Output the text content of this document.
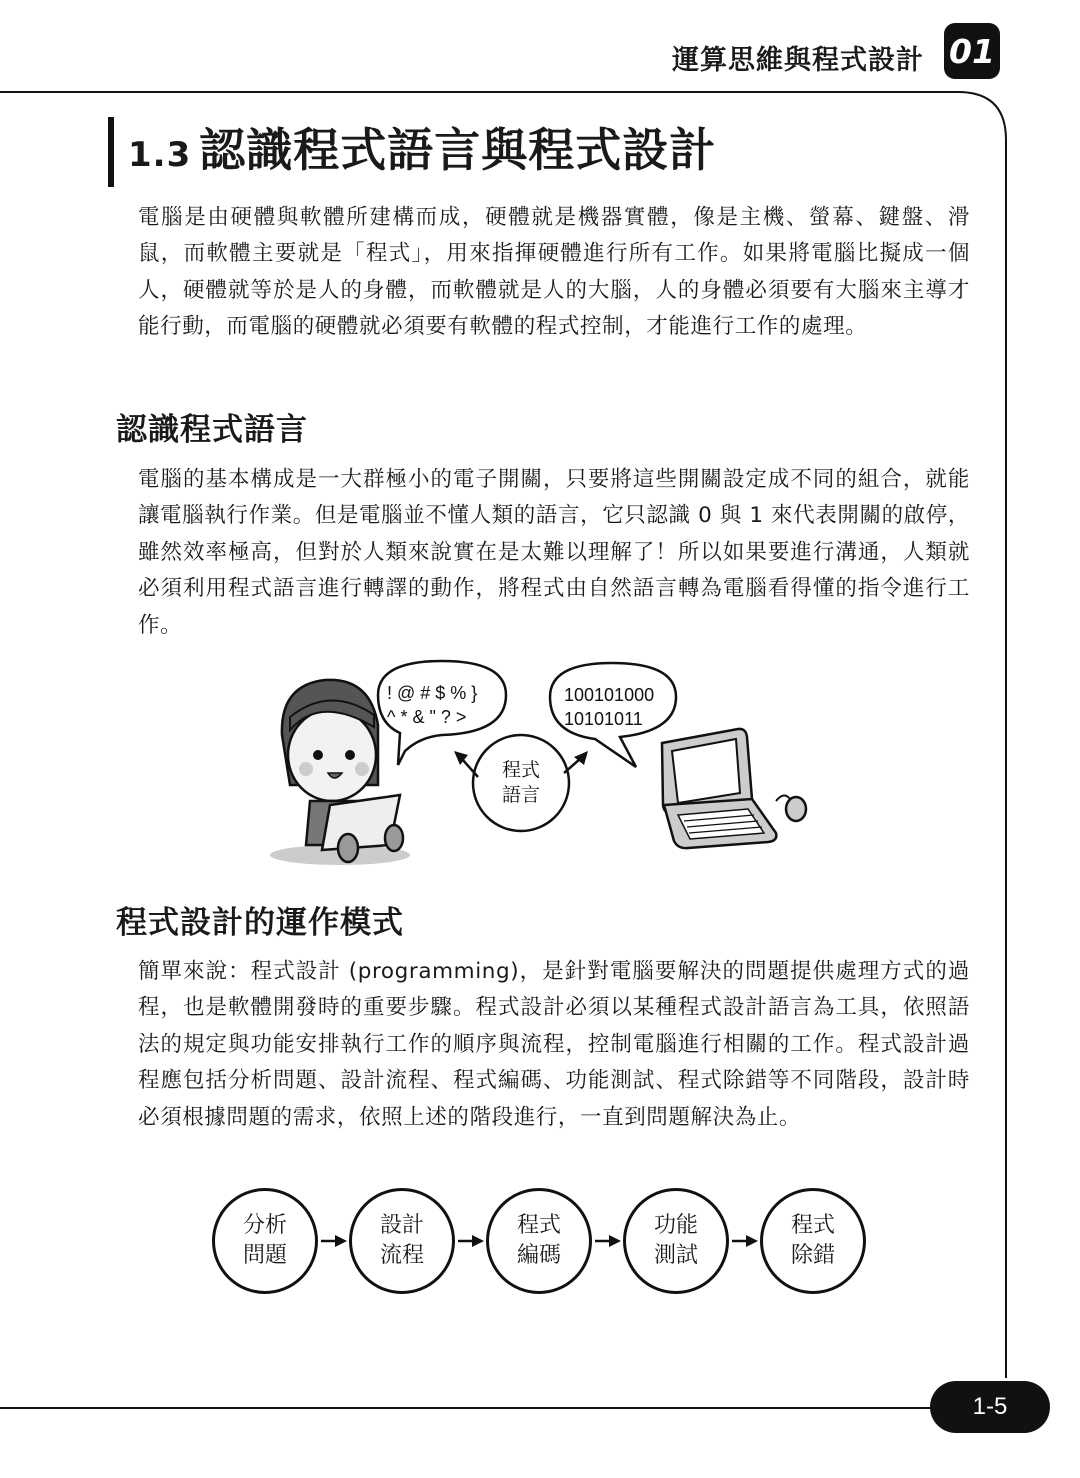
運算思維與程式設計 01
1.3 認識程式語言與程式設計

電腦是由硬體與軟體所建構而成，硬體就是機器實體，像是主機、螢幕、鍵盤、滑鼠，而軟體主要就是「程式」，用來指揮硬體進行所有工作。如果將電腦比擬成一個人，硬體就等於是人的身體，而軟體就是人的大腦，人的身體必須要有大腦來主導才能行動，而電腦的硬體就必須要有軟體的程式控制，才能進行工作的處理。

認識程式語言

電腦的基本構成是一大群極小的電子開關，只要將這些開關設定成不同的組合，就能讓電腦執行作業。但是電腦並不懂人類的語言，它只認識 0 與 1 來代表開關的啟停，雖然效率極高，但對於人類來說實在是太難以理解了！所以如果要進行溝通，人類就必須利用程式語言進行轉譯的動作，將程式由自然語言轉為電腦看得懂的指令進行工作。

! @ # $ % }
^ * & " ? >
100101000
10101011
程式
語言
程式設計的運作模式

簡單來說：程式設計 (programming)，是針對電腦要解決的問題提供處理方式的過程，也是軟體開發時的重要步驟。程式設計必須以某種程式設計語言為工具，依照語法的規定與功能安排執行工作的順序與流程，控制電腦進行相關的工作。程式設計過程應包括分析問題、設計流程、程式編碼、功能測試、程式除錯等不同階段，設計時必須根據問題的需求，依照上述的階段進行，一直到問題解決為止。

分析
問題
設計
流程
程式
編碼
功能
測試
程式
除錯
1-5
